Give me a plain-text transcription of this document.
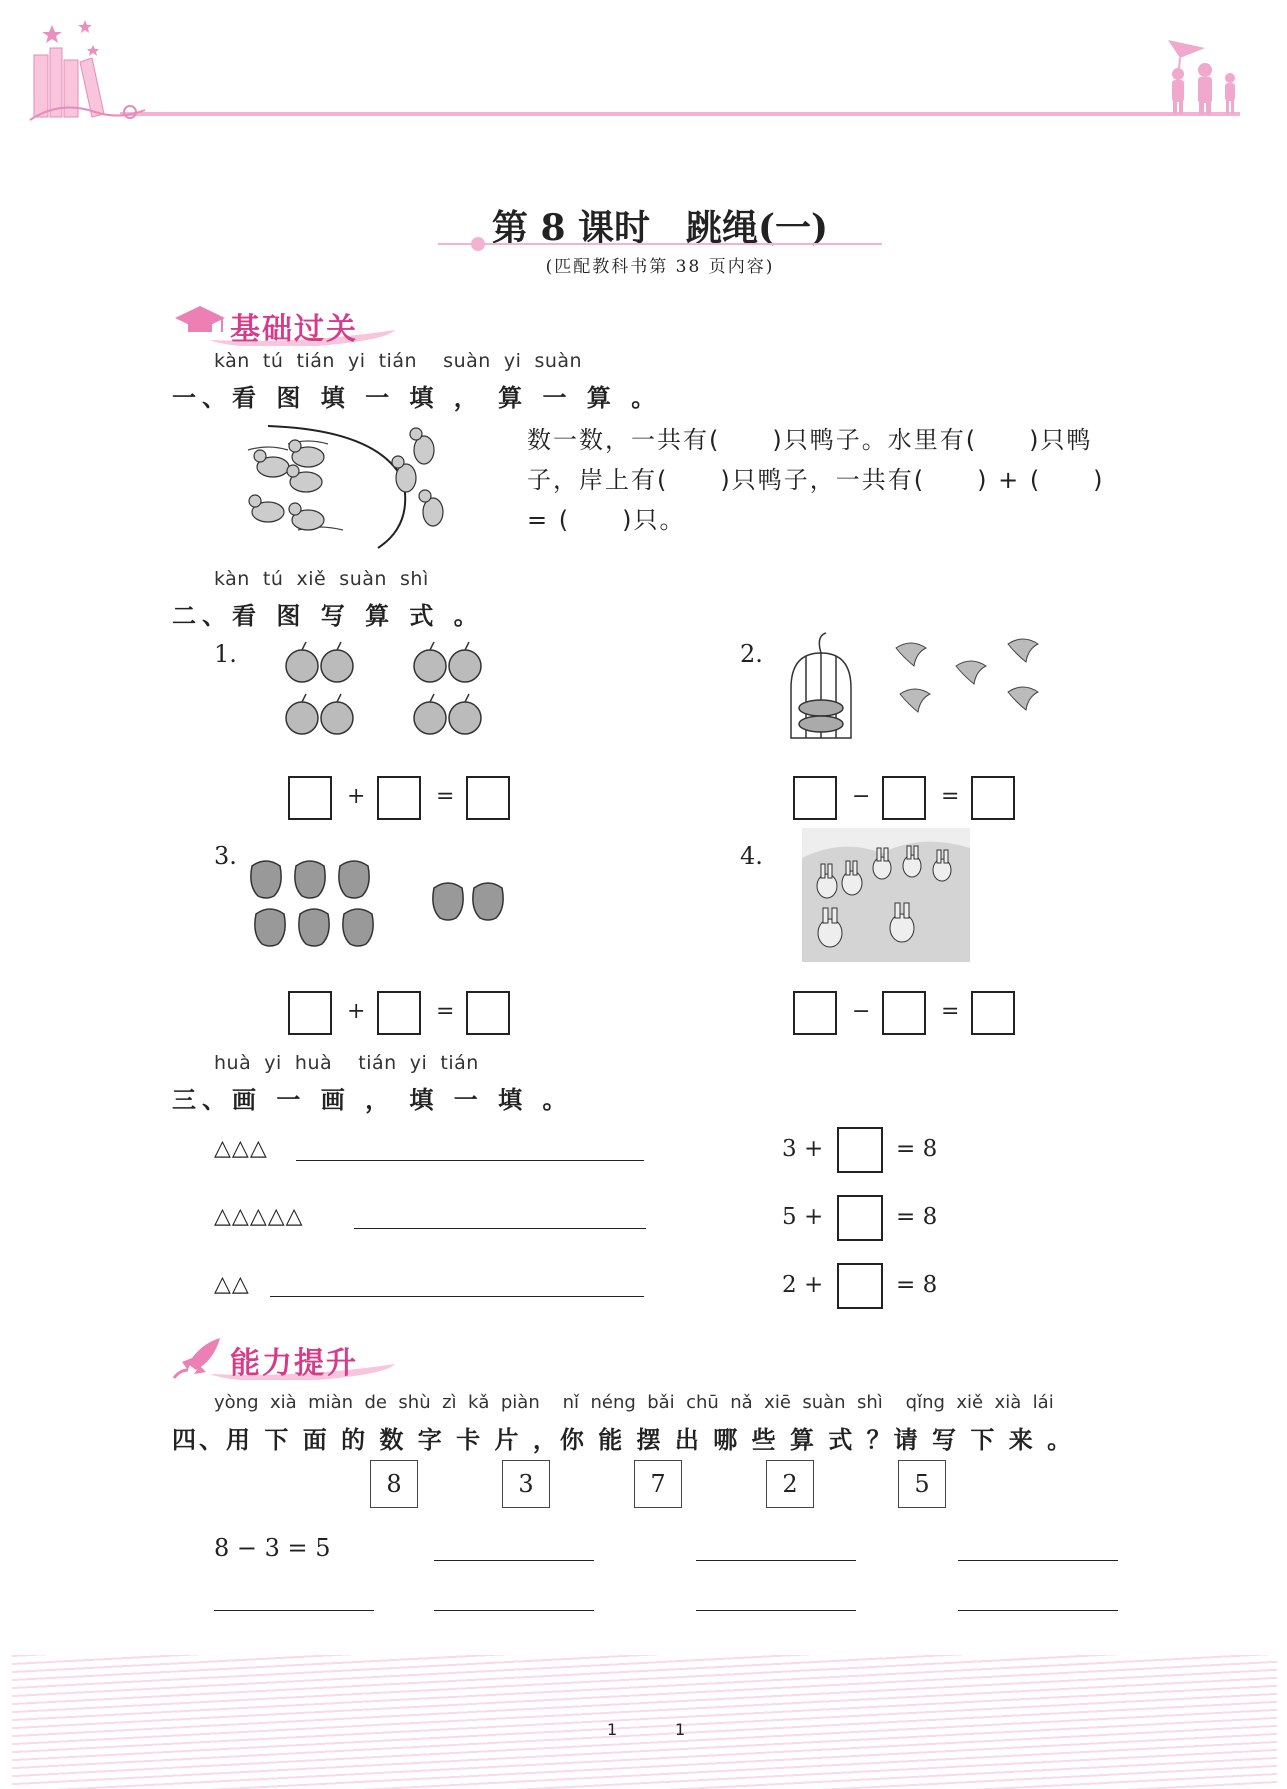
第 8 课时　跳绳(一)
(匹配教科书第 38 页内容)
基础过关
kàn  tú  tián  yi  tián    suàn  yi  suàn
一、看 图 填 一 填 ， 算 一 算 。
数一数，一共有(　　)只鸭子。水里有(　　)只鸭
子，岸上有(　　)只鸭子，一共有(　　) + (　　)
= (　　)只。
kàn  tú  xiě  suàn  shì
二、看 图 写 算 式 。
1.
+	=
2.
−	=
3.
+	=
4.
−	=
huà  yi  huà    tián  yi  tián
三、画 一 画 ， 填 一 填 。
△△△	3 +	= 8
△△△△△	5 +	= 8
△△	2 +	= 8
能力提升
yòng  xià  miàn  de  shù  zì  kǎ  piàn    nǐ  néng  bǎi  chū  nǎ  xiē  suàn  shì    qǐng  xiě  xià  lái
四、用 下 面 的 数 字 卡 片 ，你 能 摆 出 哪 些 算 式 ？请 写 下 来 。
8	3	7	2	5
8 − 3 = 5
1	1
